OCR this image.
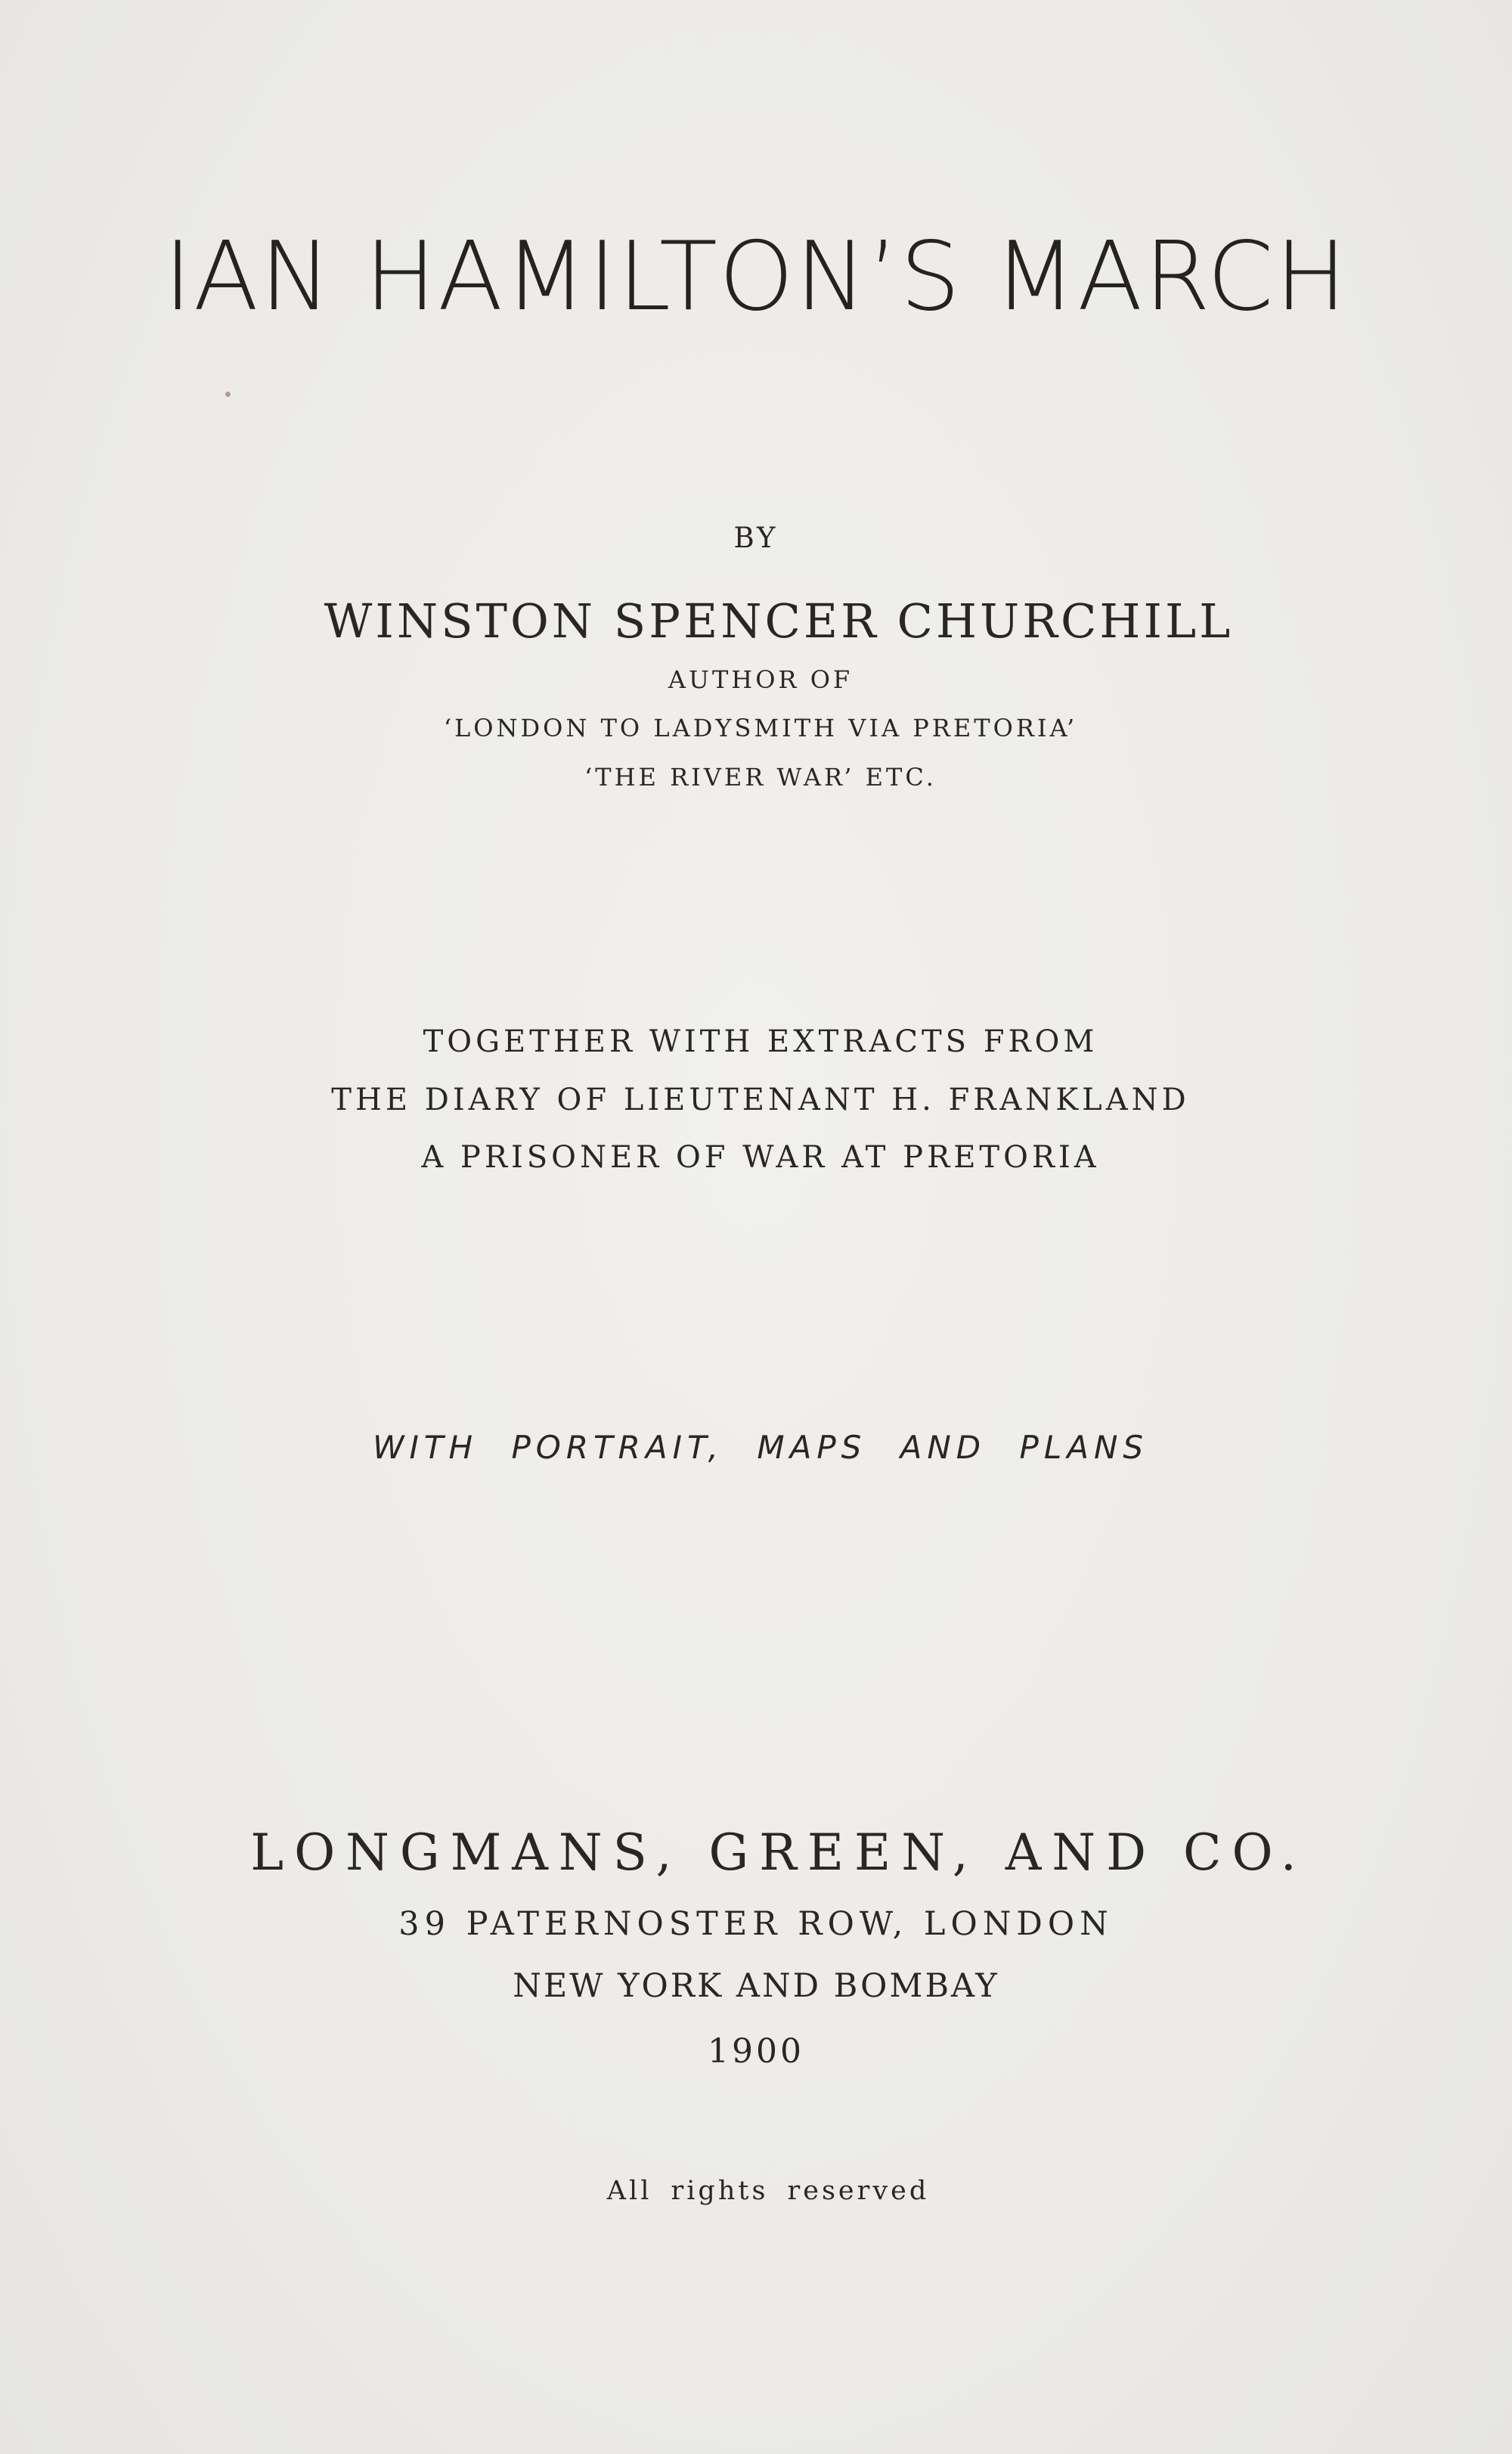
IAN HAMILTON’S MARCH
BY
WINSTON SPENCER CHURCHILL
AUTHOR OF
‘LONDON TO LADYSMITH VIA PRETORIA’
‘THE RIVER WAR’ ETC.
TOGETHER WITH EXTRACTS FROM
THE DIARY OF LIEUTENANT H. FRANKLAND
A PRISONER OF WAR AT PRETORIA
WITH PORTRAIT, MAPS AND PLANS
LONGMANS, GREEN, AND CO.
39 PATERNOSTER ROW, LONDON
NEW YORK AND BOMBAY
1900
All rights reserved
